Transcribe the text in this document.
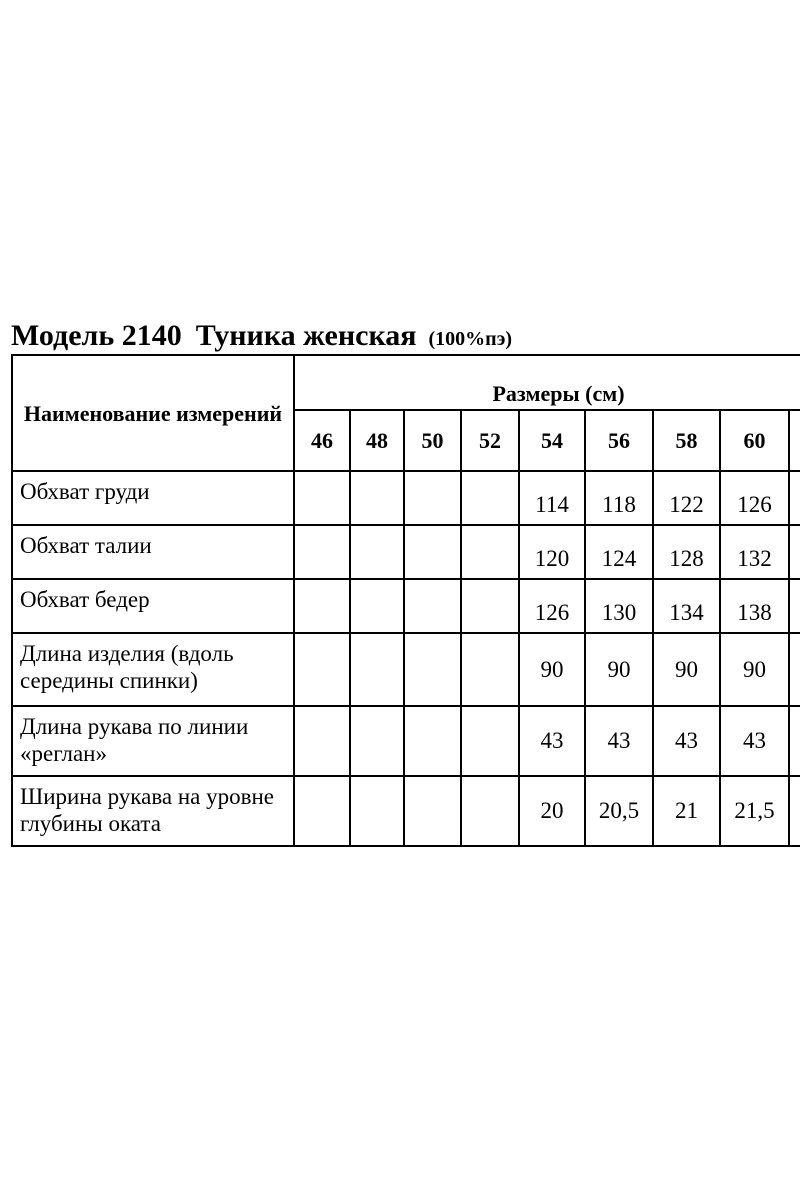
Модель 2140 Туника женская (100%пэ)
Наименование измерений	Размеры (см)								
	46	48	50	52	54	56	58	60	
Обхват груди					114	118	122	126	
Обхват талии					120	124	128	132	
Обхват бедер					126	130	134	138	
Длина изделия (вдоль середины спинки)					90	90	90	90	
Длина рукава по линии «реглан»					43	43	43	43	
Ширина рукава на уровне глубины оката					20	20,5	21	21,5	
